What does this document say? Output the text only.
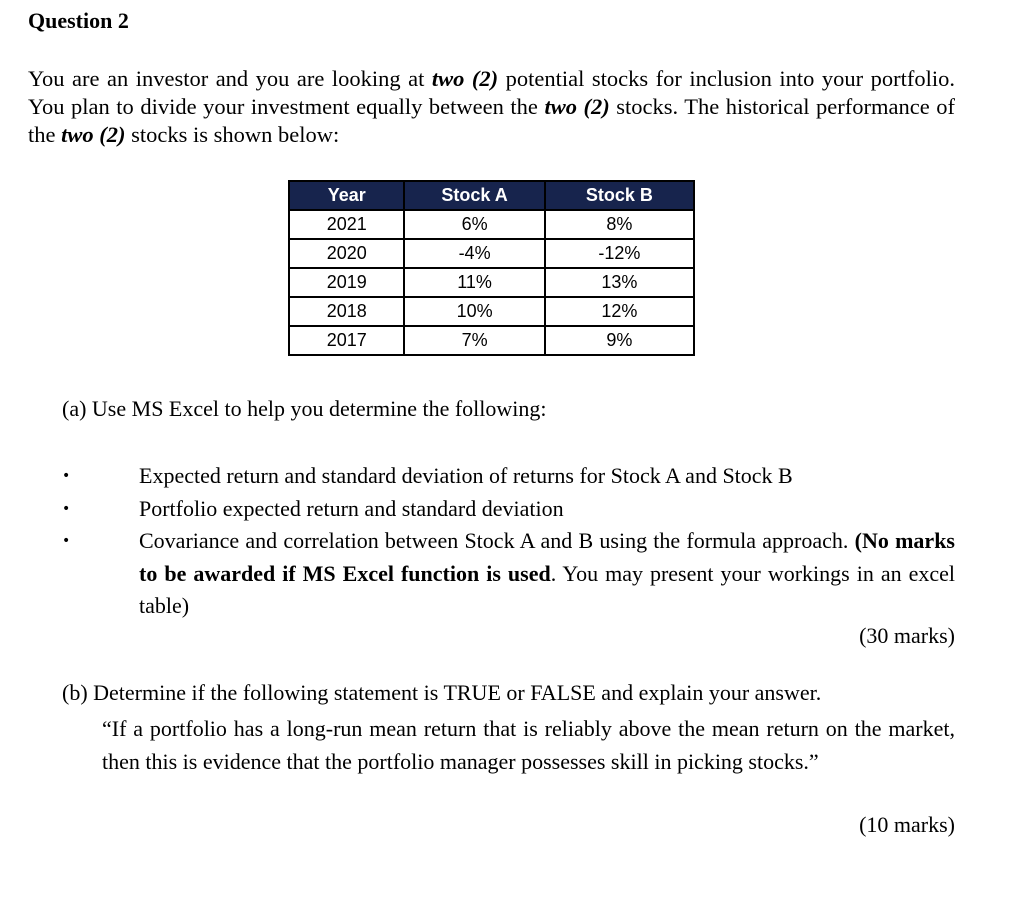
Question 2

You are an investor and you are looking at two (2) potential stocks for inclusion into your portfolio. You plan to divide your investment equally between the two (2) stocks. The historical performance of the two (2) stocks is shown below:

Year	Stock A	Stock B
2021	6%	8%
2020	-4%	-12%
2019	11%	13%
2018	10%	12%
2017	7%	9%

(a) Use MS Excel to help you determine the following:

•	Expected return and standard deviation of returns for Stock A and Stock B
•	Portfolio expected return and standard deviation
•	Covariance and correlation between Stock A and B using the formula approach. (No marks to be awarded if MS Excel function is used. You may present your workings in an excel table)

(30 marks)

(b) Determine if the following statement is TRUE or FALSE and explain your answer.

“If a portfolio has a long-run mean return that is reliably above the mean return on the market, then this is evidence that the portfolio manager possesses skill in picking stocks.”

(10 marks)
